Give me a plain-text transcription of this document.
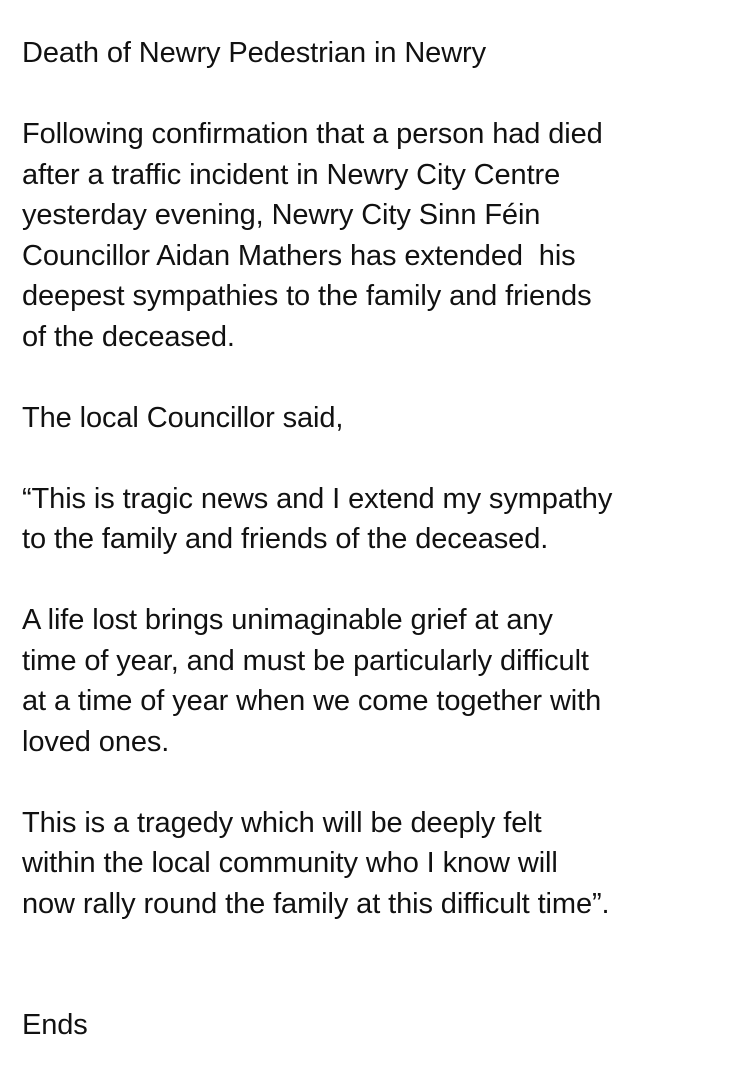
Death of Newry Pedestrian in Newry
Following confirmation that a person had died
after a traffic incident in Newry City Centre
yesterday evening, Newry City Sinn Féin
Councillor Aidan Mathers has extended  his
deepest sympathies to the family and friends
of the deceased.
The local Councillor said,
“This is tragic news and I extend my sympathy
to the family and friends of the deceased.
A life lost brings unimaginable grief at any
time of year, and must be particularly difficult
at a time of year when we come together with
loved ones.
This is a tragedy which will be deeply felt
within the local community who I know will
now rally round the family at this difficult time”.
Ends
